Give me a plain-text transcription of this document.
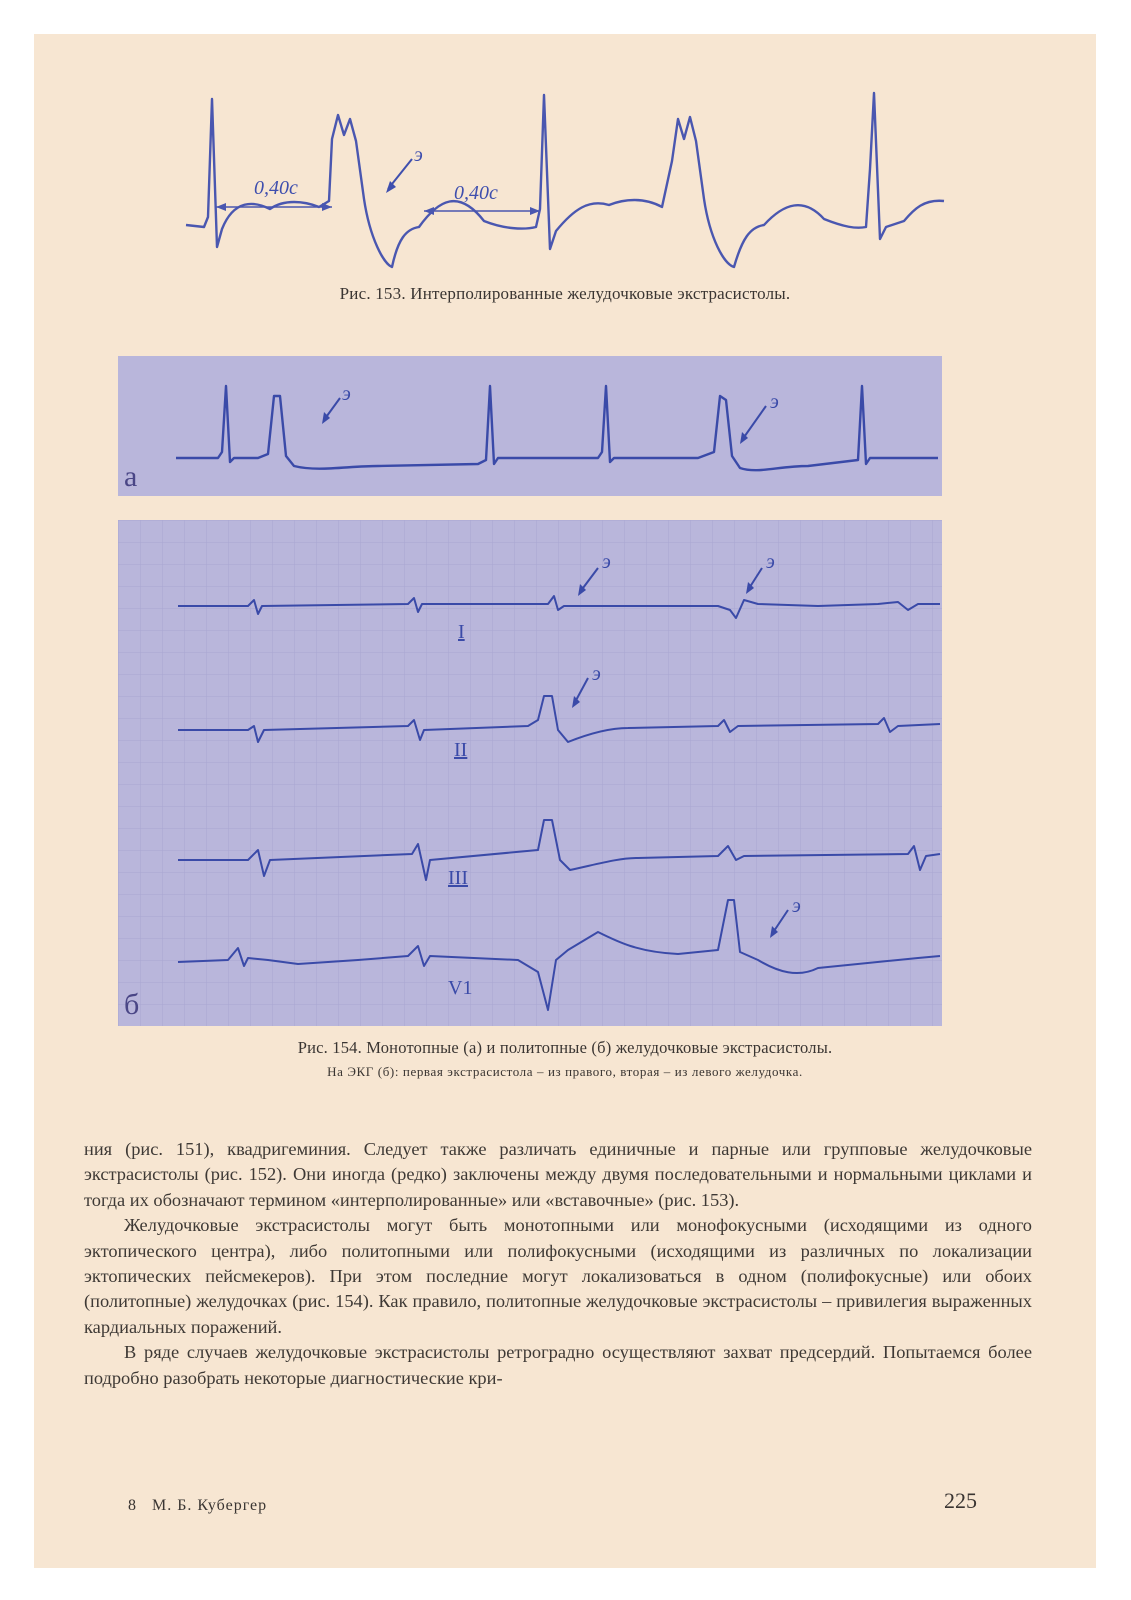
0,40с	0,40с
э
Рис. 153. Интерполированные желудочковые экстрасистолы.
а
э	э
I
II
III
V1
б
э	э
э
э
Рис. 154. Монотопные (а) и политопные (б) желудочковые экстрасистолы.
На ЭКГ (б): первая экстрасистола – из правого, вторая – из левого желудочка.

ния (рис. 151), квадригеминия. Следует также различать единичные и парные или групповые желудочковые экстрасистолы (рис. 152). Они иногда (редко) заключены между двумя последовательными и нормальными циклами и тогда их обозначают термином «интерполированные» или «вставочные» (рис. 153).

Желудочковые экстрасистолы могут быть монотопными или монофокусными (исходящими из одного эктопического центра), либо политопными или полифокусными (исходящими из различных по локализации эктопических пейсмекеров). При этом последние могут локализоваться в одном (полифокусные) или обоих (политопные) желудочках (рис. 154). Как правило, политопные желудочковые экстрасистолы – привилегия выраженных кардиальных поражений.

В ряде случаев желудочковые экстрасистолы ретроградно осуществляют захват предсердий. Попытаемся более подробно разобрать некоторые диагностические кри-

8   М. Б. Кубергер	225
